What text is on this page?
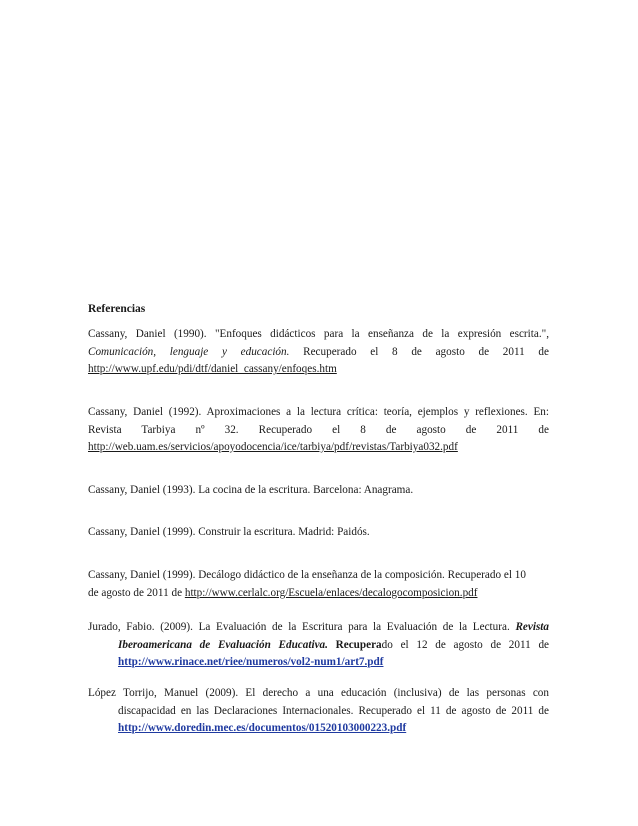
Referencias
Cassany, Daniel (1990). "Enfoques didácticos para la enseñanza de la expresión escrita.",
Comunicación, lenguaje y educación. Recuperado el 8 de agosto de 2011 de
http://www.upf.edu/pdi/dtf/daniel_cassany/enfoqes.htm
Cassany, Daniel (1992). Aproximaciones a la lectura crítica: teoría, ejemplos y reflexiones. En:
Revista Tarbiya nº 32. Recuperado el 8 de agosto de 2011 de
http://web.uam.es/servicios/apoyodocencia/ice/tarbiya/pdf/revistas/Tarbiya032.pdf
Cassany, Daniel (1993). La cocina de la escritura. Barcelona: Anagrama.
Cassany, Daniel (1999). Construir la escritura. Madrid: Paidós.
Cassany, Daniel (1999). Decálogo didáctico de la enseñanza de la composición. Recuperado el 10
de agosto de 2011 de http://www.cerlalc.org/Escuela/enlaces/decalogocomposicion.pdf
Jurado, Fabio. (2009). La Evaluación de la Escritura para la Evaluación de la Lectura. Revista
Iberoamericana de Evaluación Educativa. Recuperado el 12 de agosto de 2011 de
http://www.rinace.net/riee/numeros/vol2-num1/art7.pdf
López Torrijo, Manuel (2009). El derecho a una educación (inclusiva) de las personas con
discapacidad en las Declaraciones Internacionales. Recuperado el 11 de agosto de 2011 de
http://www.doredin.mec.es/documentos/01520103000223.pdf
